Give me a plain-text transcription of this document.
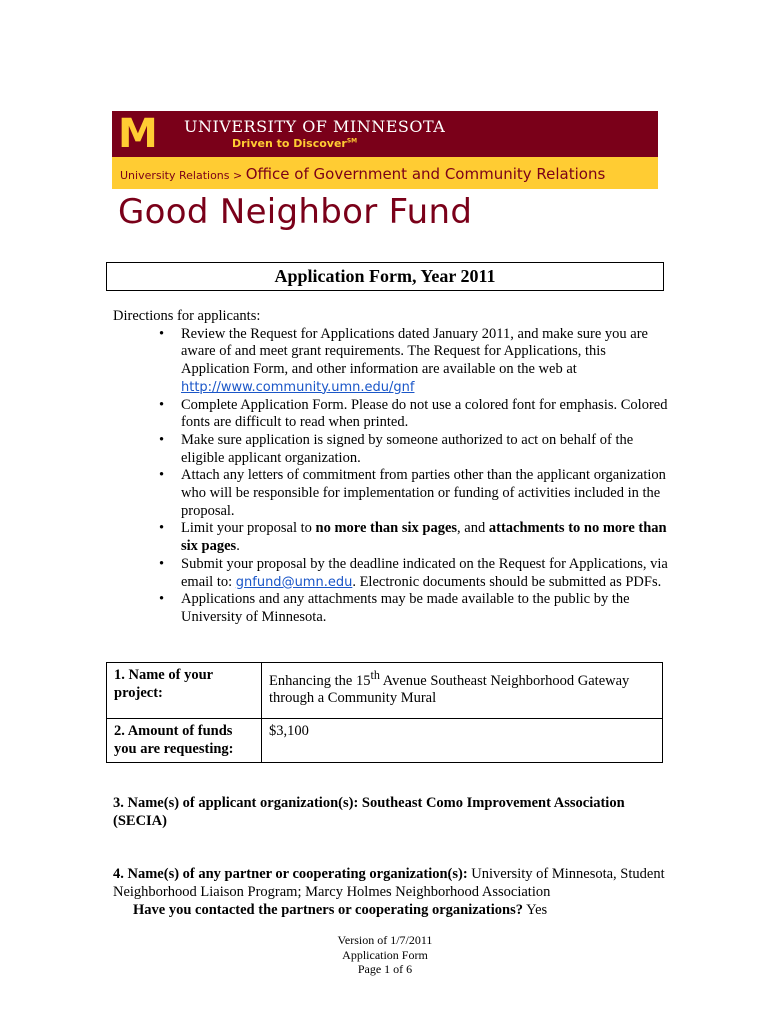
M	UNIVERSITY OF MINNESOTA
Driven to Discover℠
University Relations > Office of Government and Community Relations
Good Neighbor Fund
Application Form, Year 2011
Directions for applicants:
• Review the Request for Applications dated January 2011, and make sure you are aware of and meet grant requirements. The Request for Applications, this Application Form, and other information are available on the web at
http://www.community.umn.edu/gnf
• Complete Application Form. Please do not use a colored font for emphasis. Colored fonts are difficult to read when printed.
• Make sure application is signed by someone authorized to act on behalf of the eligible applicant organization.
• Attach any letters of commitment from parties other than the applicant organization who will be responsible for implementation or funding of activities included in the proposal.
• Limit your proposal to no more than six pages, and attachments to no more than six pages.
• Submit your proposal by the deadline indicated on the Request for Applications, via email to: gnfund@umn.edu. Electronic documents should be submitted as PDFs.
• Applications and any attachments may be made available to the public by the University of Minnesota.
1. Name of your project:	Enhancing the 15th Avenue Southeast Neighborhood Gateway through a Community Mural
2. Amount of funds you are requesting:	$3,100
3. Name(s) of applicant organization(s): Southeast Como Improvement Association (SECIA)
4. Name(s) of any partner or cooperating organization(s): University of Minnesota, Student Neighborhood Liaison Program; Marcy Holmes Neighborhood Association
Have you contacted the partners or cooperating organizations? Yes
Version of 1/7/2011
Application Form
Page 1 of 6
